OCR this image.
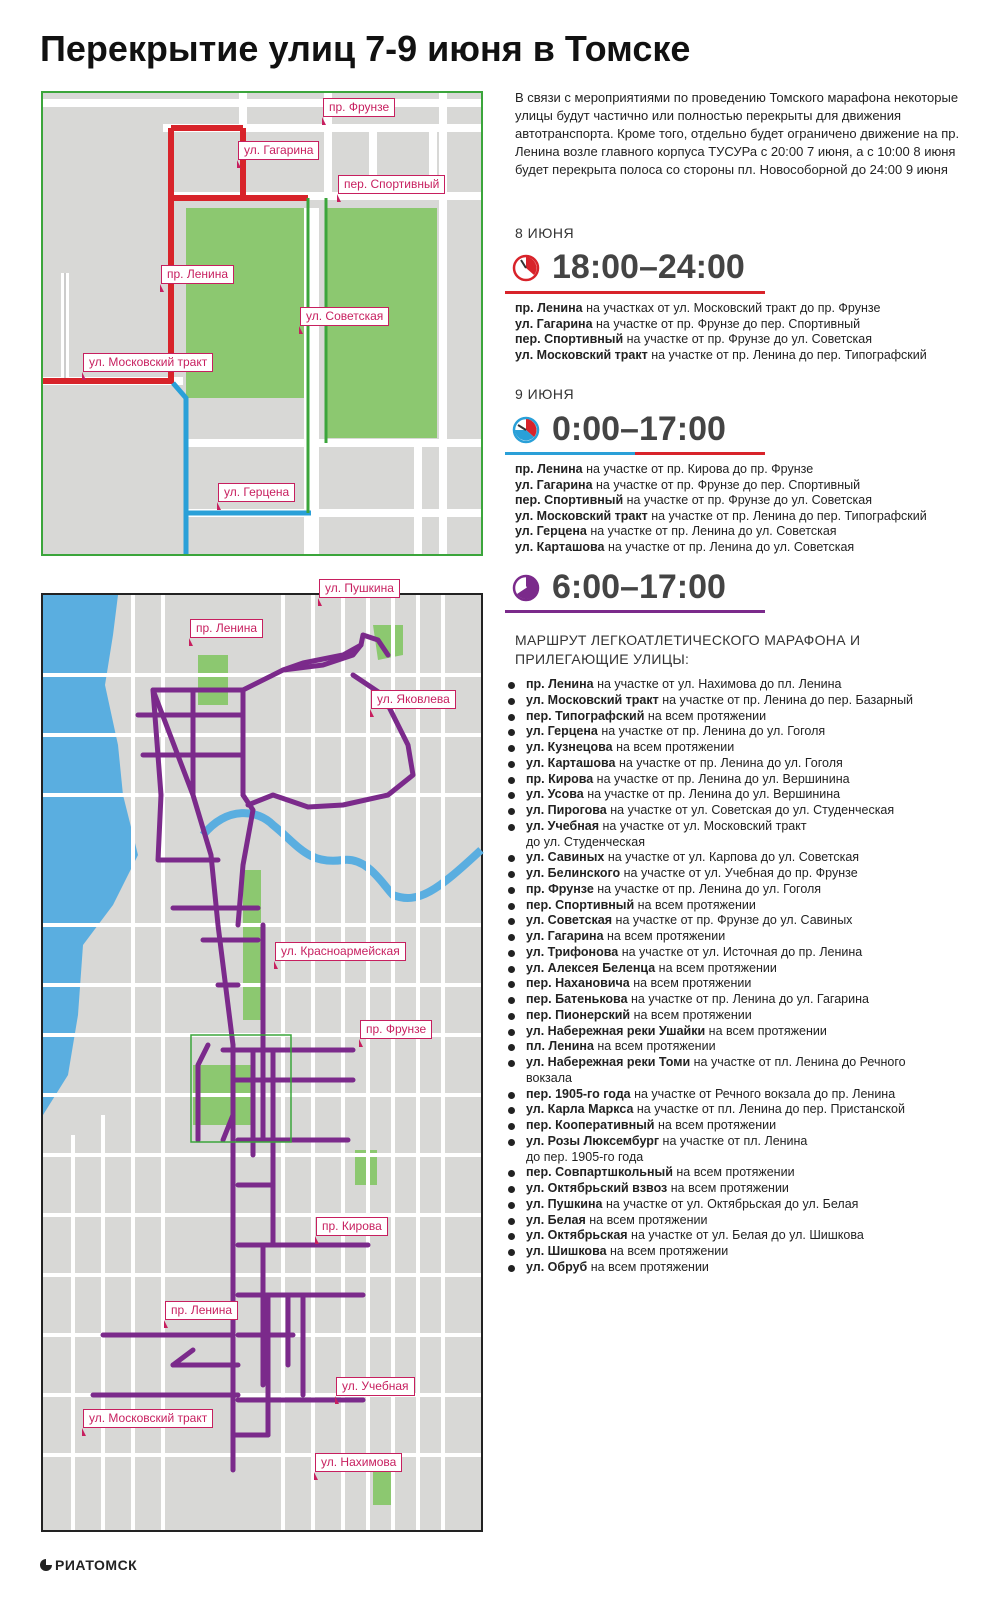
Перекрытие улиц 7-9 июня в Томске
пр. Фрунзе
ул. Гагарина
пер. Спортивный
пр. Ленина
ул. Советская
ул. Московский тракт
ул. Герцена
ул. Пушкина
пр. Ленина
ул. Яковлева
ул. Красноармейская
пр. Фрунзе
пр. Кирова
пр. Ленина
ул. Учебная
ул. Московский тракт
ул. Нахимова

В связи с мероприятиями по проведению Томского марафона некоторые улицы будут частично или полностью перекрыты для движения автотранспорта. Кроме того, отдельно будет ограничено движение на пр. Ленина возле главного корпуса ТУСУРа с 20:00 7 июня, а с 10:00 8 июня будет перекрыта полоса со стороны пл. Новособорной до 24:00 9 июня

8 ИЮНЯ
18:00–24:00
пр. Ленина на участках от ул. Московский тракт до пр. Фрунзе
ул. Гагарина на участке от пр. Фрунзе до пер. Спортивный
пер. Спортивный на участке от пр. Фрунзе до ул. Советская
ул. Московский тракт на участке от пр. Ленина до пер. Типографский
9 ИЮНЯ
0:00–17:00
пр. Ленина на участке от пр. Кирова до пр. Фрунзе
ул. Гагарина на участке от пр. Фрунзе до пер. Спортивный
пер. Спортивный на участке от пр. Фрунзе до ул. Советская
ул. Московский тракт на участке от пр. Ленина до пер. Типографский
ул. Герцена на участке от пр. Ленина до ул. Советская
ул. Карташова на участке от пр. Ленина до ул. Советская
6:00–17:00
МАРШРУТ ЛЕГКОАТЛЕТИЧЕСКОГО МАРАФОНА И ПРИЛЕГАЮЩИЕ УЛИЦЫ:
пр. Ленина на участке от ул. Нахимова до пл. Ленина
ул. Московский тракт на участке от пр. Ленина до пер. Базарный
пер. Типографский на всем протяжении
ул. Герцена на участке от пр. Ленина до ул. Гоголя
ул. Кузнецова на всем протяжении
ул. Карташова на участке от пр. Ленина до ул. Гоголя
пр. Кирова на участке от пр. Ленина до ул. Вершинина
ул. Усова на участке от пр. Ленина до ул. Вершинина
ул. Пирогова на участке от ул. Советская до ул. Студенческая
ул. Учебная на участке от ул. Московский тракт
до ул. Студенческая
ул. Савиных на участке от ул. Карпова до ул. Советская
ул. Белинского на участке от ул. Учебная до пр. Фрунзе
пр. Фрунзе на участке от пр. Ленина до ул. Гоголя
пер. Спортивный на всем протяжении
ул. Советская на участке от пр. Фрунзе до ул. Савиных
ул. Гагарина на всем протяжении
ул. Трифонова на участке от ул. Источная до пр. Ленина
ул. Алексея Беленца на всем протяжении
пер. Нахановича на всем протяжении
пер. Батенькова на участке от пр. Ленина до ул. Гагарина
пер. Пионерский на всем протяжении
ул. Набережная реки Ушайки на всем протяжении
пл. Ленина на всем протяжении
ул. Набережная реки Томи на участке от пл. Ленина до Речного
вокзала
пер. 1905-го года на участке от Речного вокзала до пр. Ленина
ул. Карла Маркса на участке от пл. Ленина до пер. Пристанской
пер. Кооперативный на всем протяжении
ул. Розы Люксембург на участке от пл. Ленина
до пер. 1905-го года
пер. Совпартшкольный на всем протяжении
ул. Октябрьский взвоз на всем протяжении
ул. Пушкина на участке от ул. Октябрьская до ул. Белая
ул. Белая на всем протяжении
ул. Октябрьская на участке от ул. Белая до ул. Шишкова
ул. Шишкова на всем протяжении
ул. Обруб на всем протяжении
РИАТОМСК
